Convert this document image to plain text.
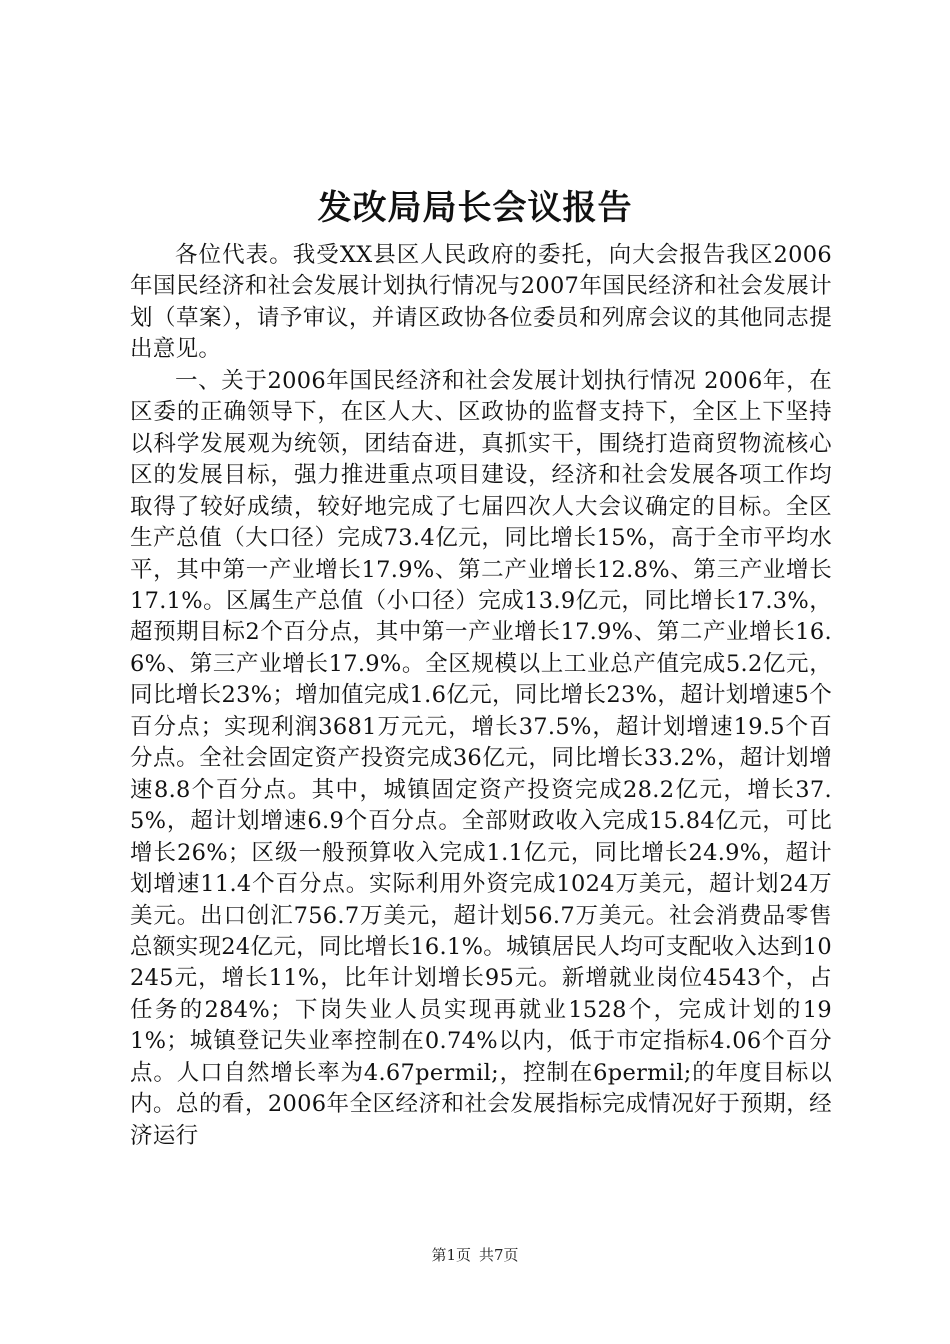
发改局局长会议报告

各位代表。我受XX县区人民政府的委托，向大会报告我区2006年国民经济和社会发展计划执行情况与2007年国民经济和社会发展计划（草案），请予审议，并请区政协各位委员和列席会议的其他同志提出意见。

一、关于2006年国民经济和社会发展计划执行情况 2006年，在区委的正确领导下，在区人大、区政协的监督支持下，全区上下坚持以科学发展观为统领，团结奋进，真抓实干，围绕打造商贸物流核心区的发展目标，强力推进重点项目建设，经济和社会发展各项工作均取得了较好成绩，较好地完成了七届四次人大会议确定的目标。全区生产总值（大口径）完成73.4亿元，同比增长15%，高于全市平均水平，其中第一产业增长17.9%、第二产业增长12.8%、第三产业增长17.1%。区属生产总值（小口径）完成13.9亿元，同比增长17.3%，超预期目标2个百分点，其中第一产业增长17.9%、第二产业增长16.6%、第三产业增长17.9%。全区规模以上工业总产值完成5.2亿元，同比增长23%；增加值完成1.6亿元，同比增长23%，超计划增速5个百分点；实现利润3681万元元，增长37.5%，超计划增速19.5个百分点。全社会固定资产投资完成36亿元，同比增长33.2%，超计划增速8.8个百分点。其中，城镇固定资产投资完成28.2亿元，增长37.5%，超计划增速6.9个百分点。全部财政收入完成15.84亿元，可比增长26%；区级一般预算收入完成1.1亿元，同比增长24.9%，超计划增速11.4个百分点。实际利用外资完成1024万美元，超计划24万美元。出口创汇756.7万美元，超计划56.7万美元。社会消费品零售总额实现24亿元，同比增长16.1%。城镇居民人均可支配收入达到10245元，增长11%，比年计划增长95元。新增就业岗位4543个，占任务的284%；下岗失业人员实现再就业1528个，完成计划的191%；城镇登记失业率控制在0.74%以内，低于市定指标4.06个百分点。人口自然增长率为4.67permil;，控制在6permil;的年度目标以内。总的看，2006年全区经济和社会发展指标完成情况好于预期，经济运行

第1页 共7页
